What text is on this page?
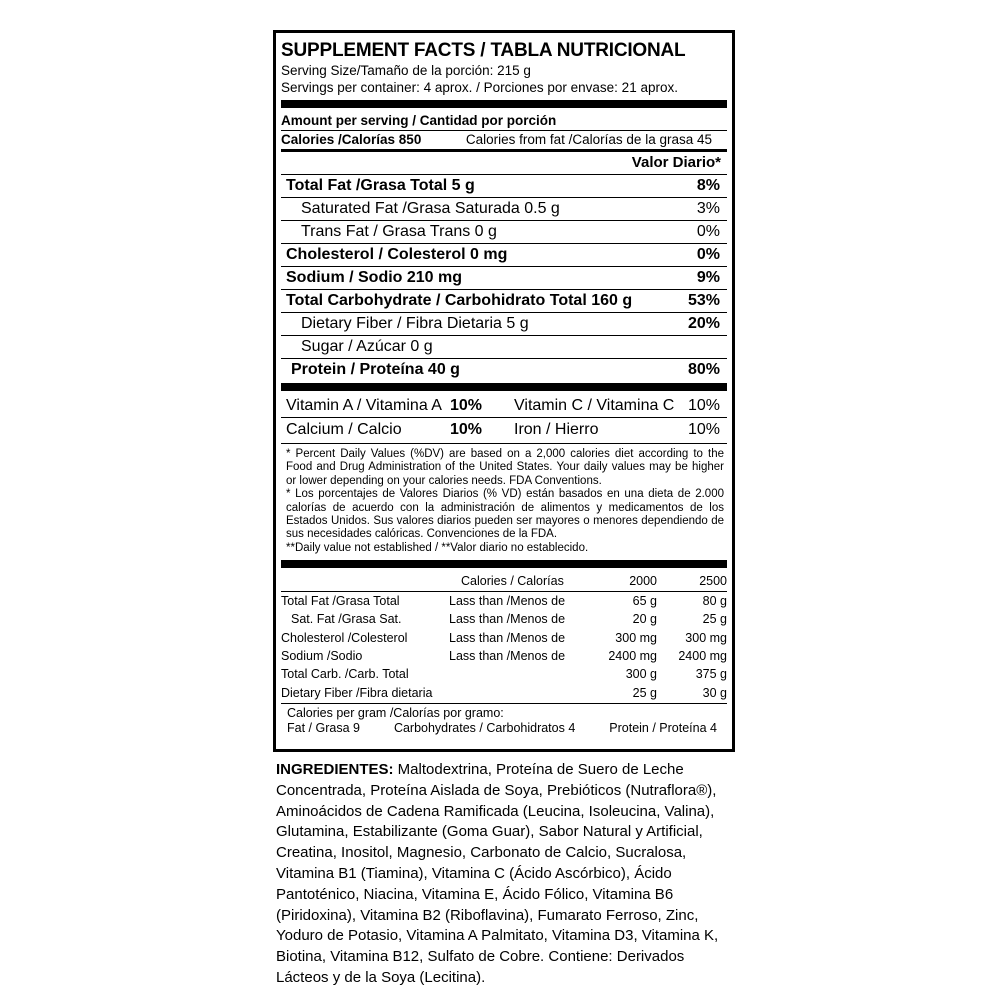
SUPPLEMENT FACTS / TABLA NUTRICIONAL
Serving Size/Tamaño de la porción: 215 g
Servings per container: 4 aprox. / Porciones por envase: 21 aprox.
Amount per serving / Cantidad por porción
Calories /Calorías 850	Calories from fat /Calorías de la grasa 45
Valor Diario*
Total Fat /Grasa Total 5 g	8%
Saturated Fat /Grasa Saturada 0.5 g	3%
Trans Fat / Grasa Trans 0 g	0%
Cholesterol / Colesterol 0 mg	0%
Sodium / Sodio 210 mg	9%
Total Carbohydrate / Carbohidrato Total 160 g	53%
Dietary Fiber / Fibra Dietaria 5 g	20%
Sugar / Azúcar 0 g
Protein / Proteína 40 g	80%
Vitamin A / Vitamina A 10%	Vitamin C / Vitamina C 10%
Calcium / Calcio	10%	Iron / Hierro	10%

* Percent Daily Values (%DV) are based on a 2,000 calories diet according to the Food and Drug Administration of the United States. Your daily values may be higher or lower depending on your calories needs. FDA Conventions.

* Los porcentajes de Valores Diarios (% VD) están basados en una dieta de 2.000 calorías de acuerdo con la administración de alimentos y medicamentos de los Estados Unidos. Sus valores diarios pueden ser mayores o menores dependiendo de sus necesidades calóricas. Convenciones de la FDA.

**Daily value not established / **Valor diario no establecido.

	Calories / Calorías	2000	2500

Total Fat /Grasa Total	Lass than /Menos de	65 g	80 g
Sat. Fat /Grasa Sat.	Lass than /Menos de	20 g	25 g
Cholesterol /Colesterol	Lass than /Menos de	300 mg	300 mg
Sodium /Sodio	Lass than /Menos de	2400 mg	2400 mg
Total Carb. /Carb. Total		300 g	375 g
Dietary Fiber /Fibra dietaria		25 g	30 g
Calories per gram /Calorías por gramo:
Fat / Grasa 9	Carbohydrates / Carbohidratos 4	Protein / Proteína 4
INGREDIENTES: Maltodextrina, Proteína de Suero de Leche Concentrada, Proteína Aislada de Soya, Prebióticos (Nutraflora®), Aminoácidos de Cadena Ramificada (Leucina, Isoleucina, Valina), Glutamina, Estabilizante (Goma Guar), Sabor Natural y Artificial, Creatina, Inositol, Magnesio, Carbonato de Calcio, Sucralosa, Vitamina B1 (Tiamina), Vitamina C (Ácido Ascórbico), Ácido Pantoténico, Niacina, Vitamina E, Ácido Fólico, Vitamina B6 (Piridoxina), Vitamina B2 (Riboflavina), Fumarato Ferroso, Zinc, Yoduro de Potasio, Vitamina A Palmitato, Vitamina D3, Vitamina K, Biotina, Vitamina B12, Sulfato de Cobre. Contiene: Derivados Lácteos y de la Soya (Lecitina).
